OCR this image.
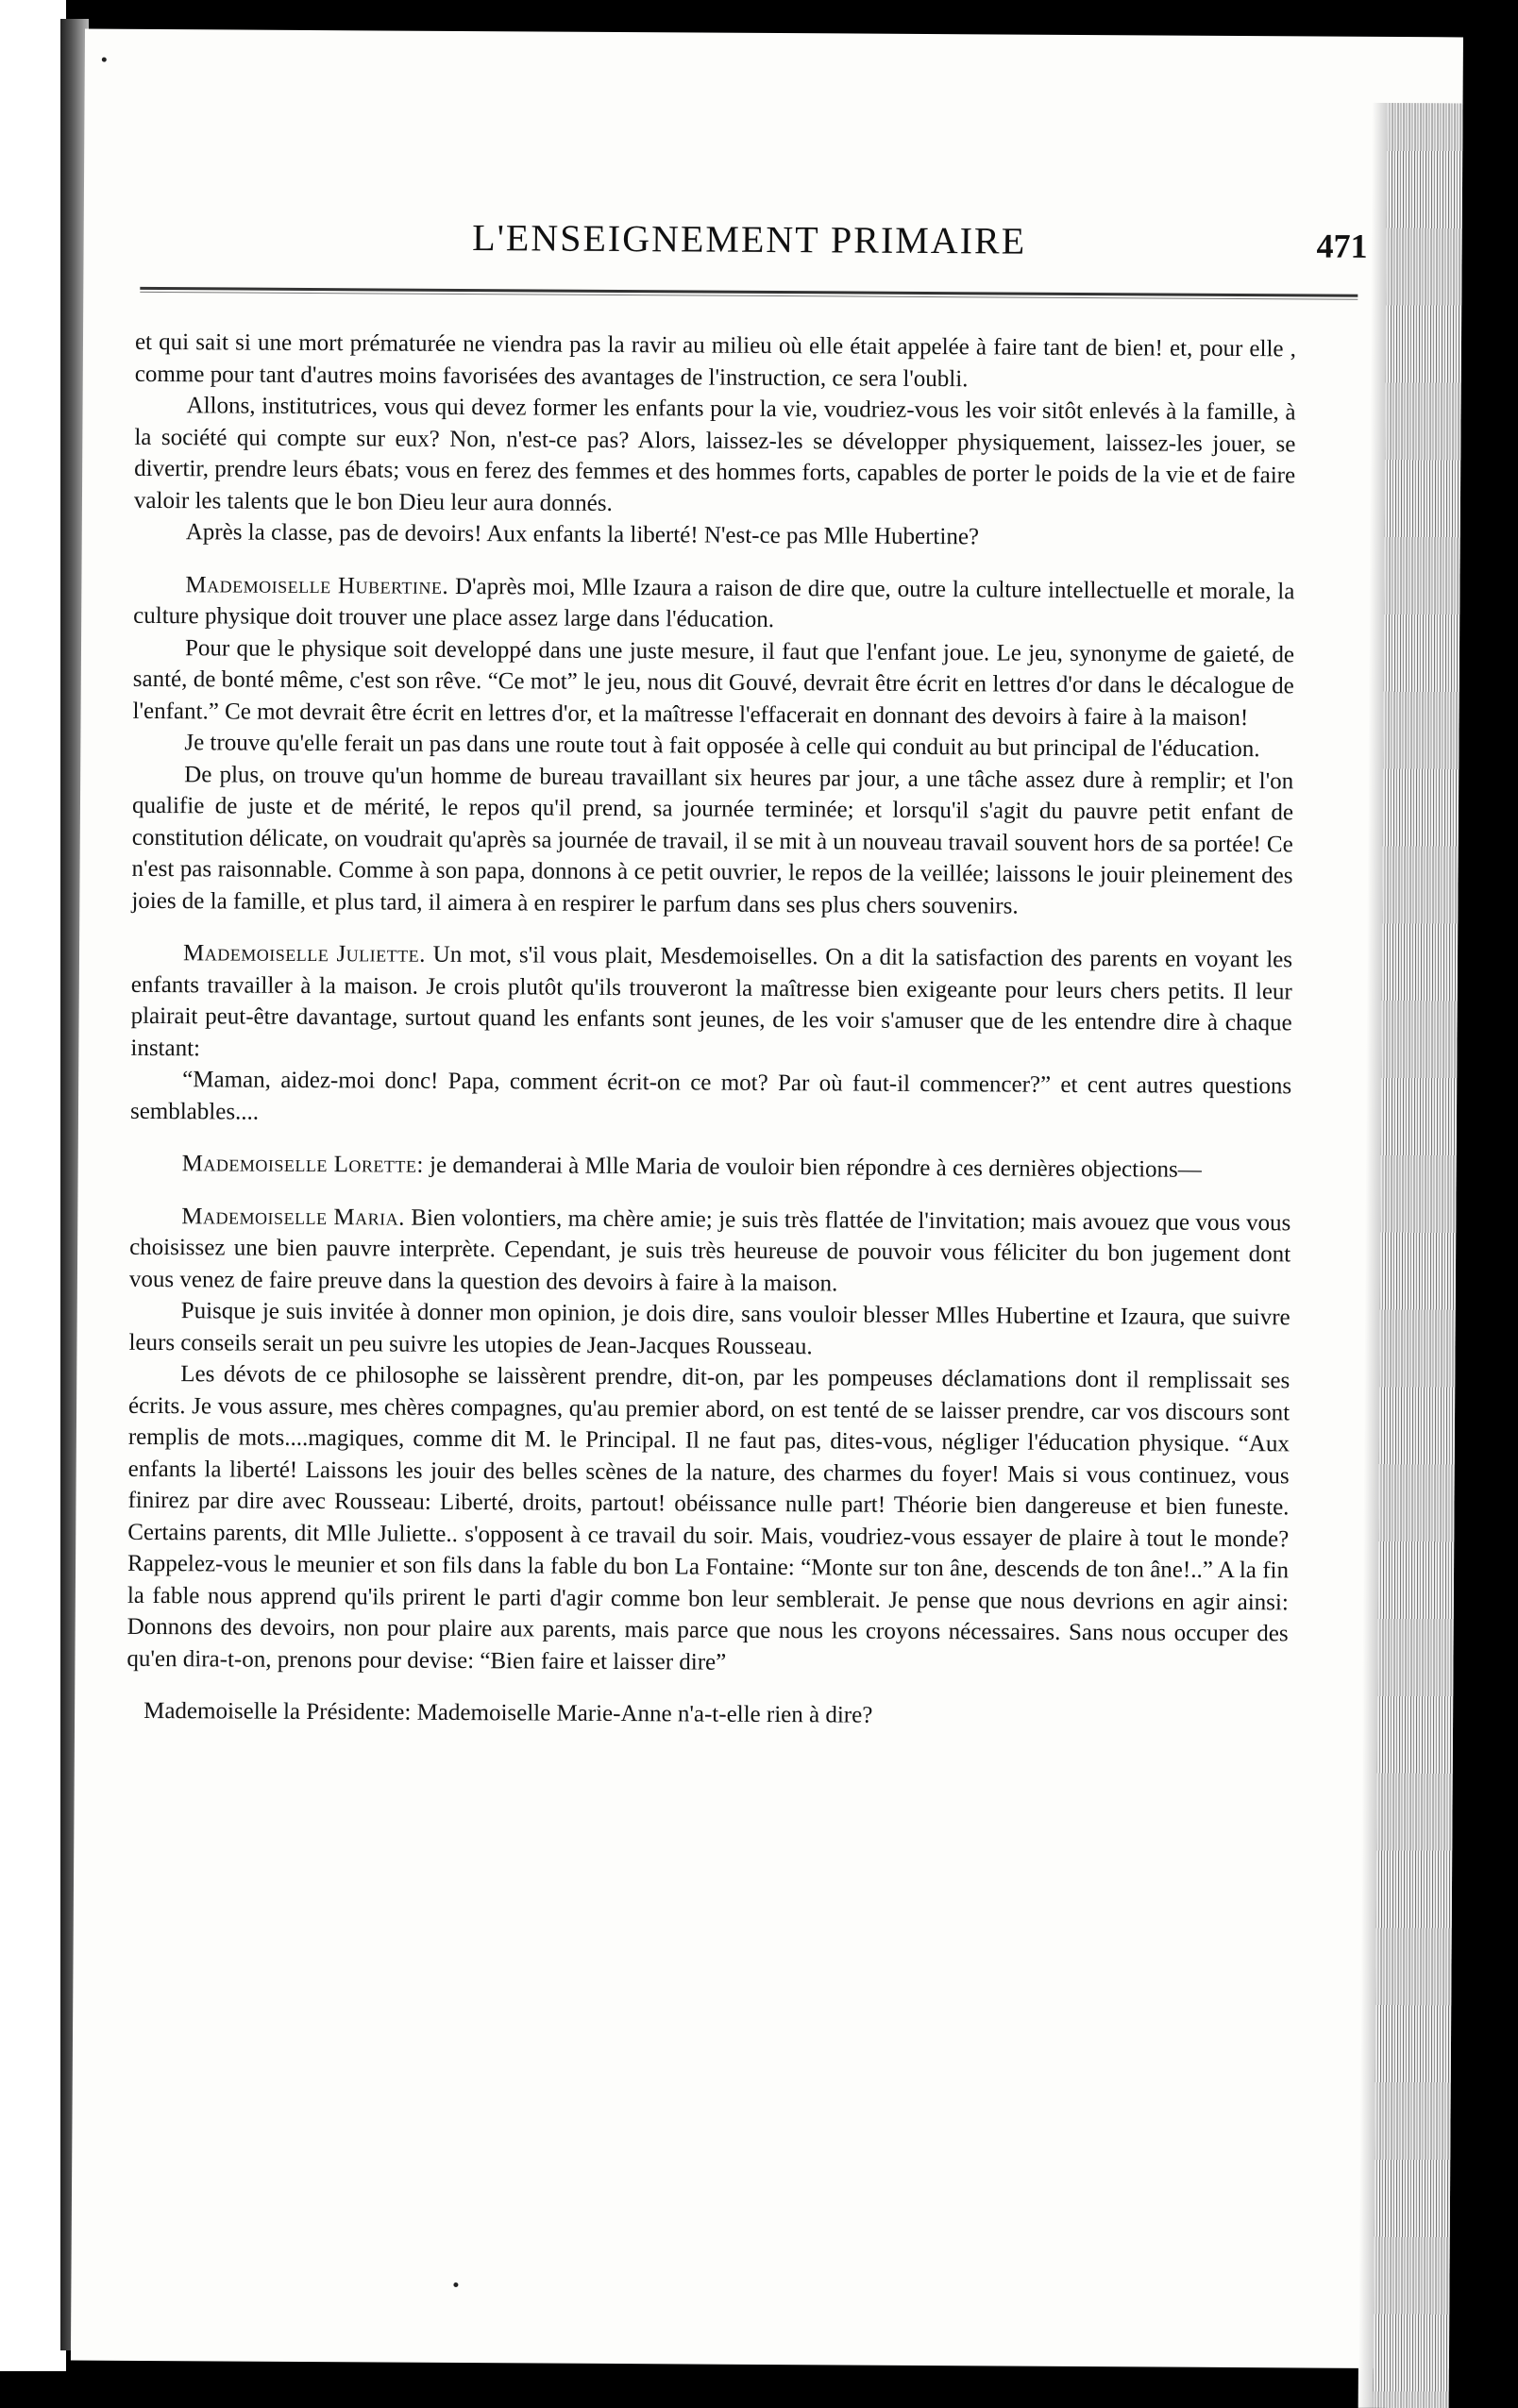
L'ENSEIGNEMENT PRIMAIRE	471

et qui sait si une mort prématurée ne viendra pas la ravir au milieu où elle était appelée à faire tant de bien! et, pour elle , comme pour tant d'autres moins favorisées des avantages de l'instruction, ce sera l'oubli.

Allons, institutrices, vous qui devez former les enfants pour la vie, voudriez-vous les voir sitôt enlevés à la famille, à la société qui compte sur eux? Non, n'est-ce pas? Alors, laissez-les se développer physiquement, laissez-les jouer, se divertir, prendre leurs ébats; vous en ferez des femmes et des hommes forts, capables de porter le poids de la vie et de faire valoir les talents que le bon Dieu leur aura donnés.

Après la classe, pas de devoirs! Aux enfants la liberté! N'est-ce pas Mlle Hubertine?

Mademoiselle Hubertine. D'après moi, Mlle Izaura a raison de dire que, outre la culture intellectuelle et morale, la culture physique doit trouver une place assez large dans l'éducation.

Pour que le physique soit developpé dans une juste mesure, il faut que l'enfant joue. Le jeu, synonyme de gaieté, de santé, de bonté même, c'est son rêve. “Ce mot” le jeu, nous dit Gouvé, devrait être écrit en lettres d'or dans le décalogue de l'enfant.” Ce mot devrait être écrit en lettres d'or, et la maîtresse l'effacerait en donnant des devoirs à faire à la maison!

Je trouve qu'elle ferait un pas dans une route tout à fait opposée à celle qui conduit au but principal de l'éducation.

De plus, on trouve qu'un homme de bureau travaillant six heures par jour, a une tâche assez dure à remplir; et l'on qualifie de juste et de mérité, le repos qu'il prend, sa journée terminée; et lorsqu'il s'agit du pauvre petit enfant de constitution délicate, on voudrait qu'après sa journée de travail, il se mit à un nouveau travail souvent hors de sa portée! Ce n'est pas raisonnable. Comme à son papa, donnons à ce petit ouvrier, le repos de la veillée; laissons le jouir pleinement des joies de la famille, et plus tard, il aimera à en respirer le parfum dans ses plus chers souvenirs.

Mademoiselle Juliette. Un mot, s'il vous plait, Mesdemoiselles. On a dit la satisfaction des parents en voyant les enfants travailler à la maison. Je crois plutôt qu'ils trouveront la maîtresse bien exigeante pour leurs chers petits. Il leur plairait peut-être davantage, surtout quand les enfants sont jeunes, de les voir s'amuser que de les entendre dire à chaque instant:

“Maman, aidez-moi donc! Papa, comment écrit-on ce mot? Par où faut-il commencer?” et cent autres questions semblables....

Mademoiselle Lorette: je demanderai à Mlle Maria de vouloir bien répondre à ces dernières objections—

Mademoiselle Maria. Bien volontiers, ma chère amie; je suis très flattée de l'invitation; mais avouez que vous vous choisissez une bien pauvre interprète. Cependant, je suis très heureuse de pouvoir vous féliciter du bon jugement dont vous venez de faire preuve dans la question des devoirs à faire à la maison.

Puisque je suis invitée à donner mon opinion, je dois dire, sans vouloir blesser Mlles Hubertine et Izaura, que suivre leurs conseils serait un peu suivre les utopies de Jean-Jacques Rousseau.

Les dévots de ce philosophe se laissèrent prendre, dit-on, par les pompeuses déclamations dont il remplissait ses écrits. Je vous assure, mes chères compagnes, qu'au premier abord, on est tenté de se laisser prendre, car vos discours sont remplis de mots....magiques, comme dit M. le Principal. Il ne faut pas, dites-vous, négliger l'éducation physique. “Aux enfants la liberté! Laissons les jouir des belles scènes de la nature, des charmes du foyer! Mais si vous continuez, vous finirez par dire avec Rousseau: Liberté, droits, partout! obéissance nulle part! Théorie bien dangereuse et bien funeste. Certains parents, dit Mlle Juliette.. s'opposent à ce travail du soir. Mais, voudriez-vous essayer de plaire à tout le monde? Rappelez-vous le meunier et son fils dans la fable du bon La Fontaine: “Monte sur ton âne, descends de ton âne!..” A la fin la fable nous apprend qu'ils prirent le parti d'agir comme bon leur semblerait. Je pense que nous devrions en agir ainsi: Donnons des devoirs, non pour plaire aux parents, mais parce que nous les croyons nécessaires. Sans nous occuper des qu'en dira-t-on, prenons pour devise: “Bien faire et laisser dire”

Mademoiselle la Présidente: Mademoiselle Marie-Anne n'a-t-elle rien à dire?
